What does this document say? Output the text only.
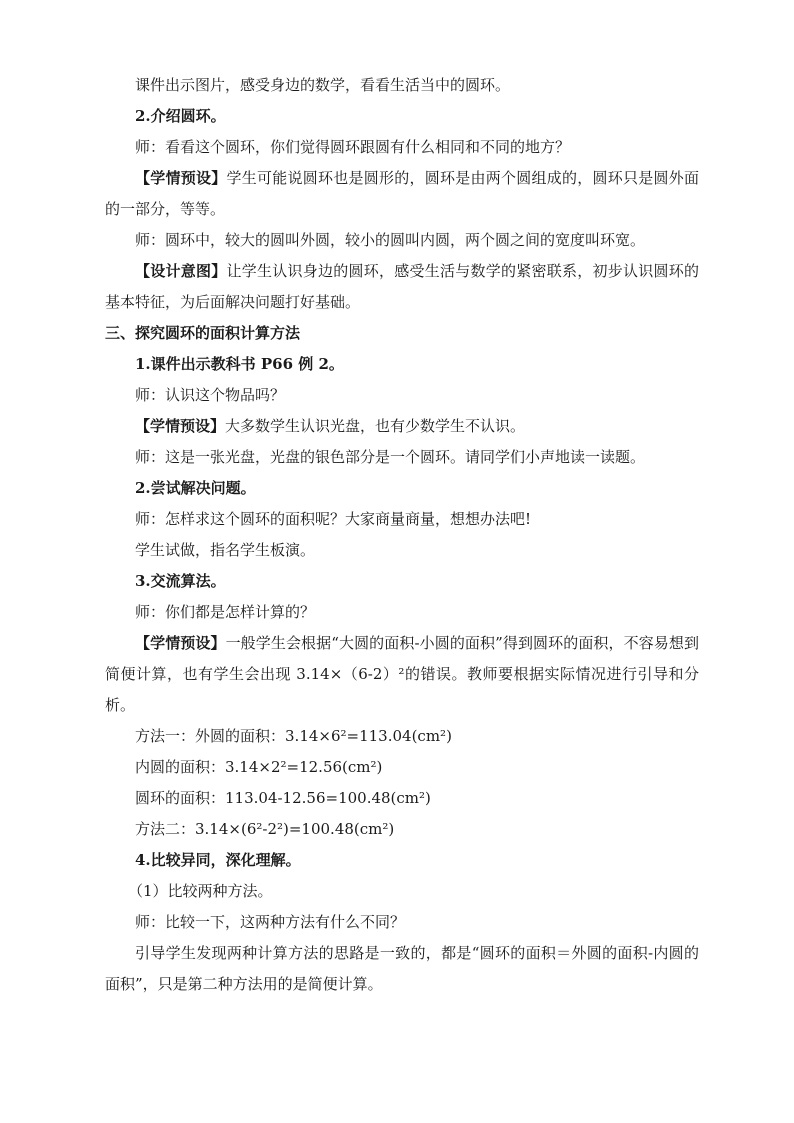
课件出示图片，感受身边的数学，看看生活当中的圆环。

2.介绍圆环。

师：看看这个圆环，你们觉得圆环跟圆有什么相同和不同的地方？

【学情预设】学生可能说圆环也是圆形的，圆环是由两个圆组成的，圆环只是圆外面的一部分，等等。

师：圆环中，较大的圆叫外圆，较小的圆叫内圆，两个圆之间的宽度叫环宽。

【设计意图】让学生认识身边的圆环，感受生活与数学的紧密联系，初步认识圆环的基本特征，为后面解决问题打好基础。

三、探究圆环的面积计算方法

1.课件出示教科书 P66 例 2。

师：认识这个物品吗？

【学情预设】大多数学生认识光盘，也有少数学生不认识。

师：这是一张光盘，光盘的银色部分是一个圆环。请同学们小声地读一读题。

2.尝试解决问题。

师：怎样求这个圆环的面积呢？大家商量商量，想想办法吧!

学生试做，指名学生板演。

3.交流算法。

师：你们都是怎样计算的？

【学情预设】一般学生会根据“大圆的面积-小圆的面积”得到圆环的面积，不容易想到简便计算，也有学生会出现 3.14×（6-2）²的错误。教师要根据实际情况进行引导和分析。

方法一：外圆的面积：3.14×6²=113.04(cm²)

内圆的面积：3.14×2²=12.56(cm²)

圆环的面积：113.04-12.56=100.48(cm²)

方法二：3.14×(6²-2²)=100.48(cm²)

4.比较异同，深化理解。

（1）比较两种方法。

师：比较一下，这两种方法有什么不同？

引导学生发现两种计算方法的思路是一致的，都是“圆环的面积＝外圆的面积-内圆的面积”，只是第二种方法用的是简便计算。
